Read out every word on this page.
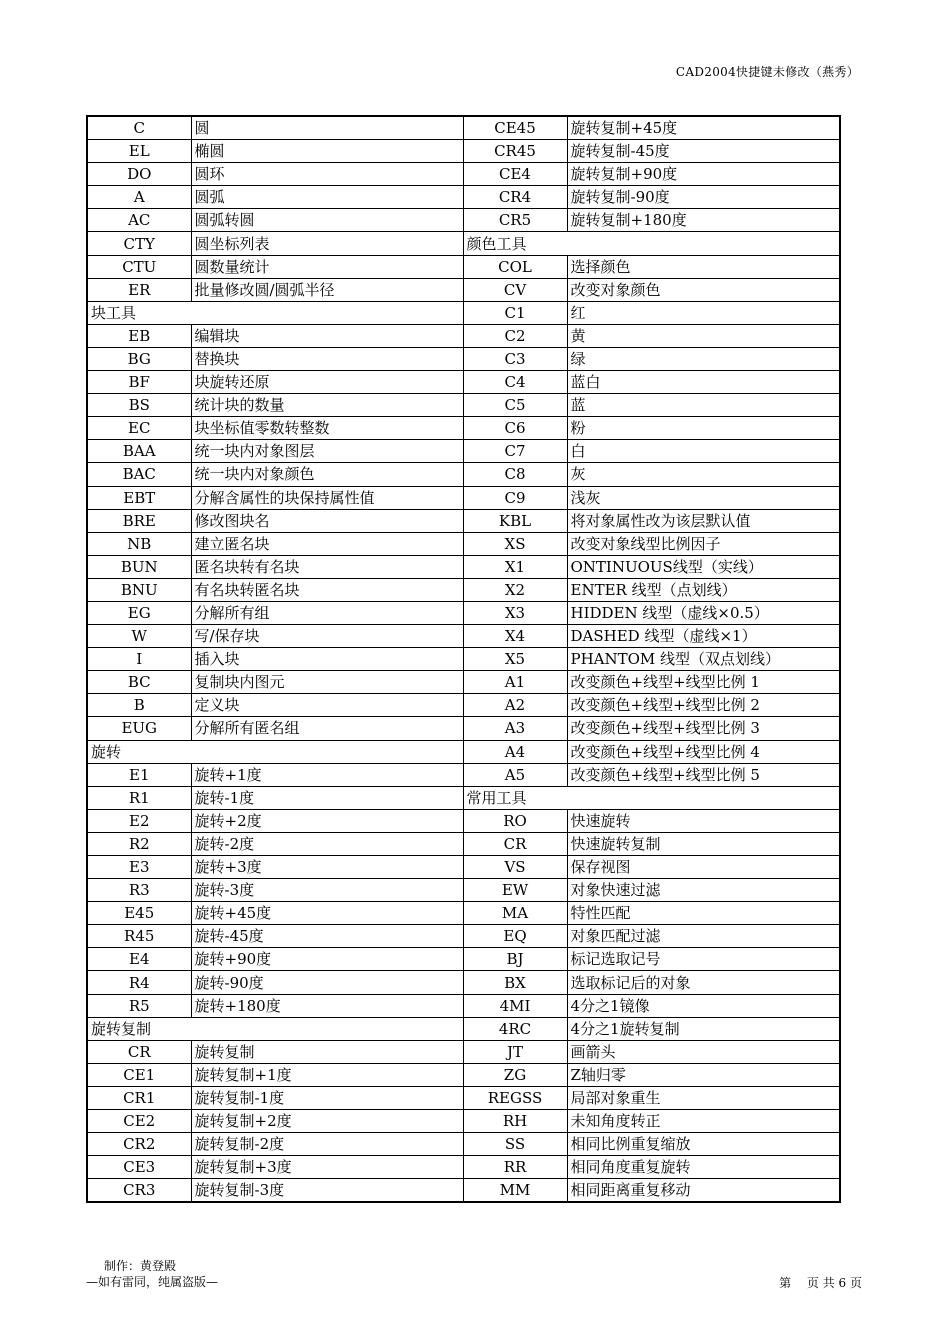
CAD2004快捷键未修改（燕秀）
C	圆	CE45	旋转复制+45度
EL	椭圆	CR45	旋转复制-45度
DO	圆环	CE4	旋转复制+90度
A	圆弧	CR4	旋转复制-90度
AC	圆弧转圆	CR5	旋转复制+180度
CTY	圆坐标列表	颜色工具	
CTU	圆数量统计	COL	选择颜色
ER	批量修改圆/圆弧半径	CV	改变对象颜色
块工具		C1	红
EB	编辑块	C2	黄
BG	替换块	C3	绿
BF	块旋转还原	C4	蓝白
BS	统计块的数量	C5	蓝
EC	块坐标值零数转整数	C6	粉
BAA	统一块内对象图层	C7	白
BAC	统一块内对象颜色	C8	灰
EBT	分解含属性的块保持属性值	C9	浅灰
BRE	修改图块名	KBL	将对象属性改为该层默认值
NB	建立匿名块	XS	改变对象线型比例因子
BUN	匿名块转有名块	X1	ONTINUOUS线型（实线）
BNU	有名块转匿名块	X2	ENTER 线型（点划线）
EG	分解所有组	X3	HIDDEN 线型（虚线×0.5）
W	写/保存块	X4	DASHED 线型（虚线×1）
I	插入块	X5	PHANTOM 线型（双点划线）
BC	复制块内图元	A1	改变颜色+线型+线型比例 1
B	定义块	A2	改变颜色+线型+线型比例 2
EUG	分解所有匿名组	A3	改变颜色+线型+线型比例 3
旋转		A4	改变颜色+线型+线型比例 4
E1	旋转+1度	A5	改变颜色+线型+线型比例 5
R1	旋转-1度	常用工具	
E2	旋转+2度	RO	快速旋转
R2	旋转-2度	CR	快速旋转复制
E3	旋转+3度	VS	保存视图
R3	旋转-3度	EW	对象快速过滤
E45	旋转+45度	MA	特性匹配
R45	旋转-45度	EQ	对象匹配过滤
E4	旋转+90度	BJ	标记选取记号
R4	旋转-90度	BX	选取标记后的对象
R5	旋转+180度	4MI	4分之1镜像
旋转复制		4RC	4分之1旋转复制
CR	旋转复制	JT	画箭头
CE1	旋转复制+1度	ZG	Z轴归零
CR1	旋转复制-1度	REGSS	局部对象重生
CE2	旋转复制+2度	RH	未知角度转正
CR2	旋转复制-2度	SS	相同比例重复缩放
CE3	旋转复制+3度	RR	相同角度重复旋转
CR3	旋转复制-3度	MM	相同距离重复移动
制作：黄登殿
—如有雷同，纯属盗版—	第　 页 共 6 页
